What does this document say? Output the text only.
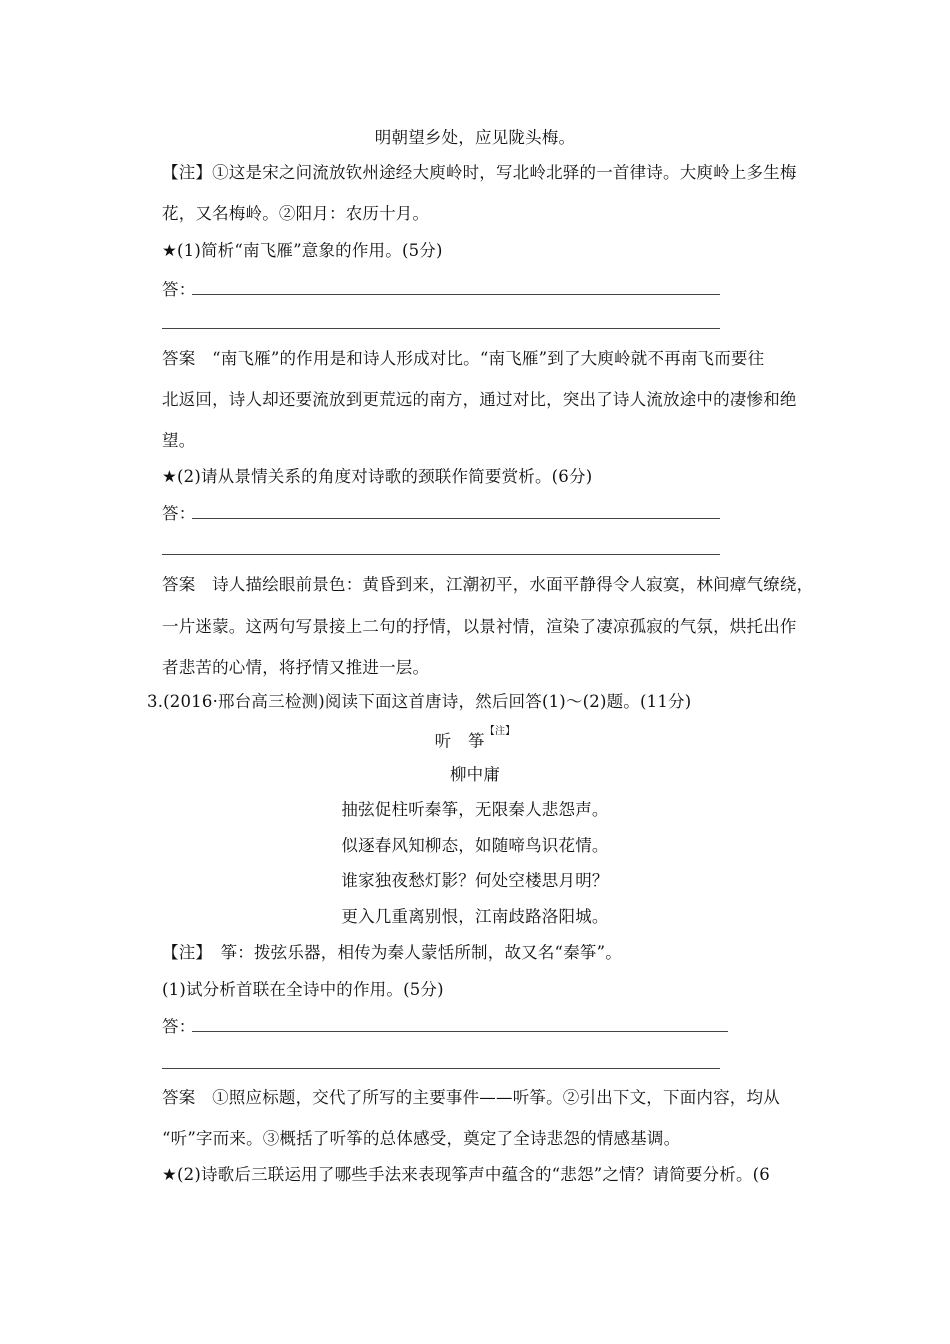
明朝望乡处，应见陇头梅。
【注】①这是宋之问流放钦州途经大庾岭时，写北岭北驿的一首律诗。大庾岭上多生梅
花，又名梅岭。②阳月：农历十月。
★(1)简析“南飞雁”意象的作用。(5分)
答：
答案　 “南飞雁”的作用是和诗人形成对比。“南飞雁”到了大庾岭就不再南飞而要往
北返回，诗人却还要流放到更荒远的南方，通过对比，突出了诗人流放途中的凄惨和绝
望。
★(2)请从景情关系的角度对诗歌的颈联作简要赏析。(6分)
答：
答案　 诗人描绘眼前景色：黄昏到来，江潮初平，水面平静得令人寂寞，林间瘴气缭绕，
一片迷蒙。这两句写景接上二句的抒情，以景衬情，渲染了凄凉孤寂的气氛，烘托出作
者悲苦的心情，将抒情又推进一层。
3.(2016·邢台高三检测)阅读下面这首唐诗，然后回答(1)～(2)题。(11分)
听　筝$^{【注】}$
柳中庸
抽弦促柱听秦筝，无限秦人悲怨声。
似逐春风知柳态，如随啼鸟识花情。
谁家独夜愁灯影？何处空楼思月明？
更入几重离别恨，江南歧路洛阳城。
【注】　 筝：拨弦乐器，相传为秦人蒙恬所制，故又名“秦筝”。
(1)试分析首联在全诗中的作用。(5分)
答：
答案　 ①照应标题，交代了所写的主要事件——听筝。②引出下文，下面内容，均从
“听”字而来。③概括了听筝的总体感受，奠定了全诗悲怨的情感基调。
★(2)诗歌后三联运用了哪些手法来表现筝声中蕴含的“悲怨”之情？请简要分析。(6
